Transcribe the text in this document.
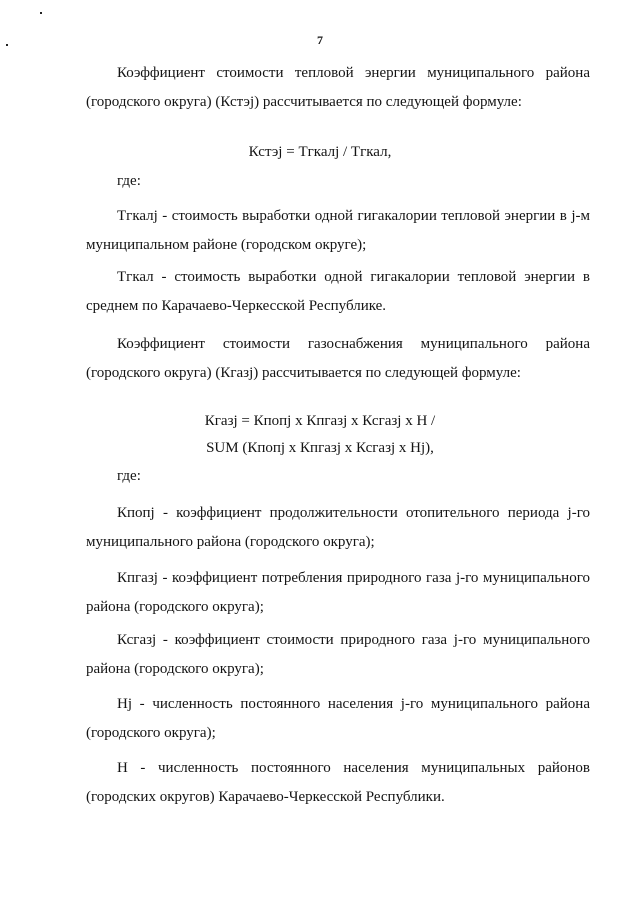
7
Коэффициент стоимости тепловой энергии муниципального района
(городского округа) (Кстэj) рассчитывается по следующей формуле:
Кстэj = Тгкалj / Тгкал,
где:
Тгкалj - стоимость выработки одной гигакалории тепловой энергии в j-м
муниципальном районе (городском округе);
Тгкал - стоимость выработки одной гигакалории тепловой энергии в
среднем по Карачаево-Черкесской Республике.
Коэффициент стоимости газоснабжения муниципального района
(городского округа) (Кгазj) рассчитывается по следующей формуле:
Кгазj = Кпопj x Кпгазj x Ксгазj x H /
SUM (Кпопj x Кпгазj x Ксгазj x Hj),
где:
Кпопj - коэффициент продолжительности отопительного периода j-го
муниципального района (городского округа);
Кпгазj - коэффициент потребления природного газа j-го муниципального
района (городского округа);
Ксгазj - коэффициент стоимости природного газа j-го муниципального
района (городского округа);
Hj - численность постоянного населения j-го муниципального района
(городского округа);
H - численность постоянного населения муниципальных районов
(городских округов) Карачаево-Черкесской Республики.
